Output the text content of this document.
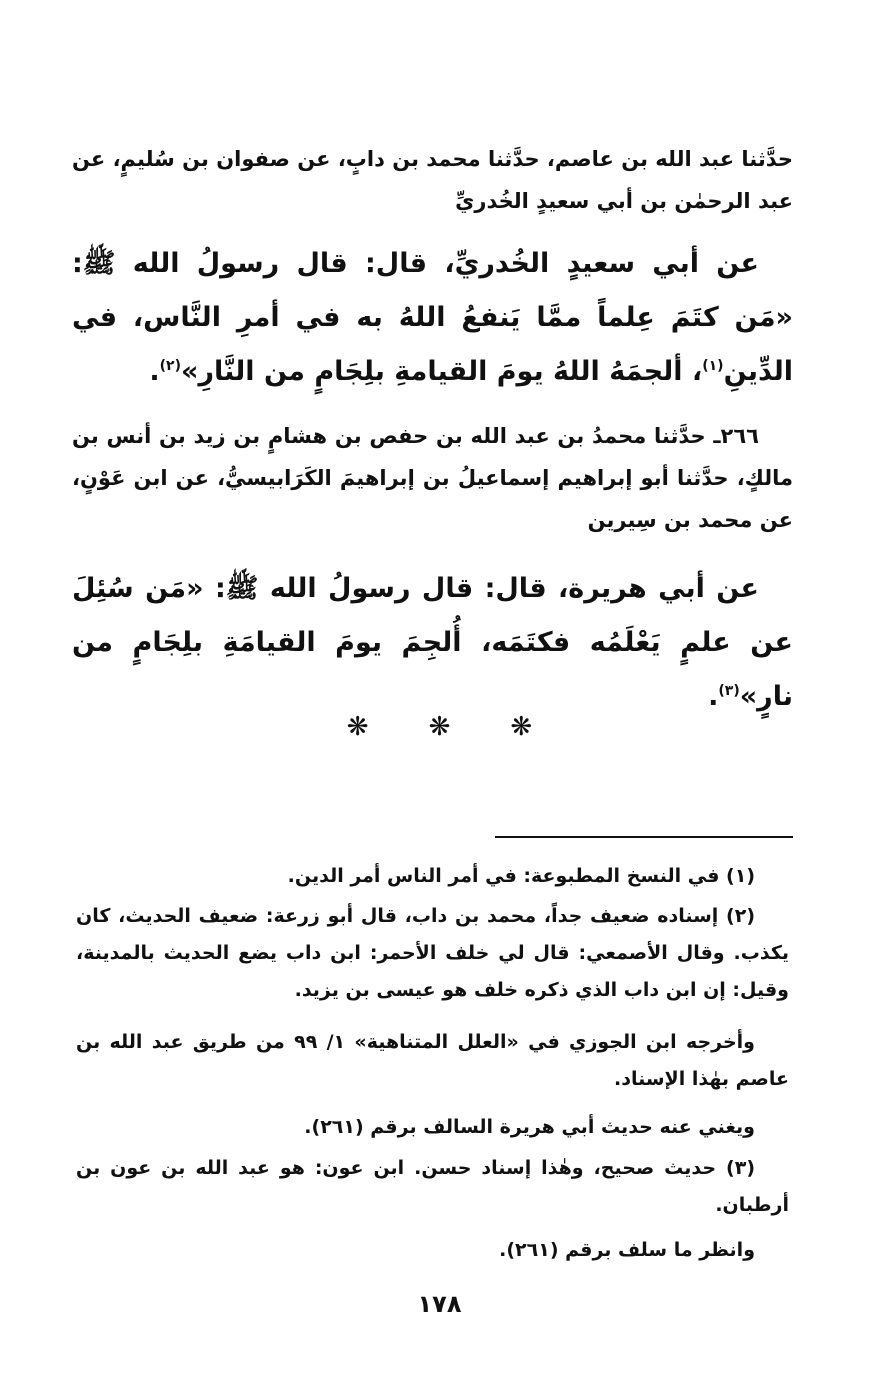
حدَّثنا عبد الله بن عاصم، حدَّثنا محمد بن دابٍ، عن صفوان بن سُليمٍ، عن عبد الرحمٰن بن أبي سعيدٍ الخُدريِّ

عن أبي سعيدٍ الخُدريِّ، قال: قال رسولُ الله ﷺ: «مَن كتَمَ عِلماً ممَّا يَنفعُ اللهُ به في أمرِ النَّاس، في الدِّينِ$^{(١)}$، ألجمَهُ اللهُ يومَ القيامةِ بلِجَامٍ من النَّارِ»$^{(٢)}$.

٢٦٦ـ حدَّثنا محمدُ بن عبد الله بن حفص بن هشامٍ بن زيد بن أنس بن مالكٍ، حدَّثنا أبو إبراهيم إسماعيلُ بن إبراهيمَ الكَرَابيسيُّ، عن ابن عَوْنٍ، عن محمد بن سِيرين

عن أبي هريرة، قال: قال رسولُ الله ﷺ: «مَن سُئِلَ عن علمٍ يَعْلَمُه فكتَمَه، أُلجِمَ يومَ القيامَةِ بلِجَامٍ من نارٍ»$^{(٣)}$.

❋❋❋

(١) في النسخ المطبوعة: في أمر الناس أمر الدين.

(٢) إسناده ضعيف جداً، محمد بن داب، قال أبو زرعة: ضعيف الحديث، كان يكذب. وقال الأصمعي: قال لي خلف الأحمر: ابن داب يضع الحديث بالمدينة، وقيل: إن ابن داب الذي ذكره خلف هو عيسى بن يزيد.

وأخرجه ابن الجوزي في «العلل المتناهية» ١/ ٩٩ من طريق عبد الله بن عاصم بهٰذا الإسناد.

ويغني عنه حديث أبي هريرة السالف برقم (٢٦١).

(٣) حديث صحيح، وهٰذا إسناد حسن. ابن عون: هو عبد الله بن عون بن أرطبان.

وانظر ما سلف برقم (٢٦١).

١٧٨
